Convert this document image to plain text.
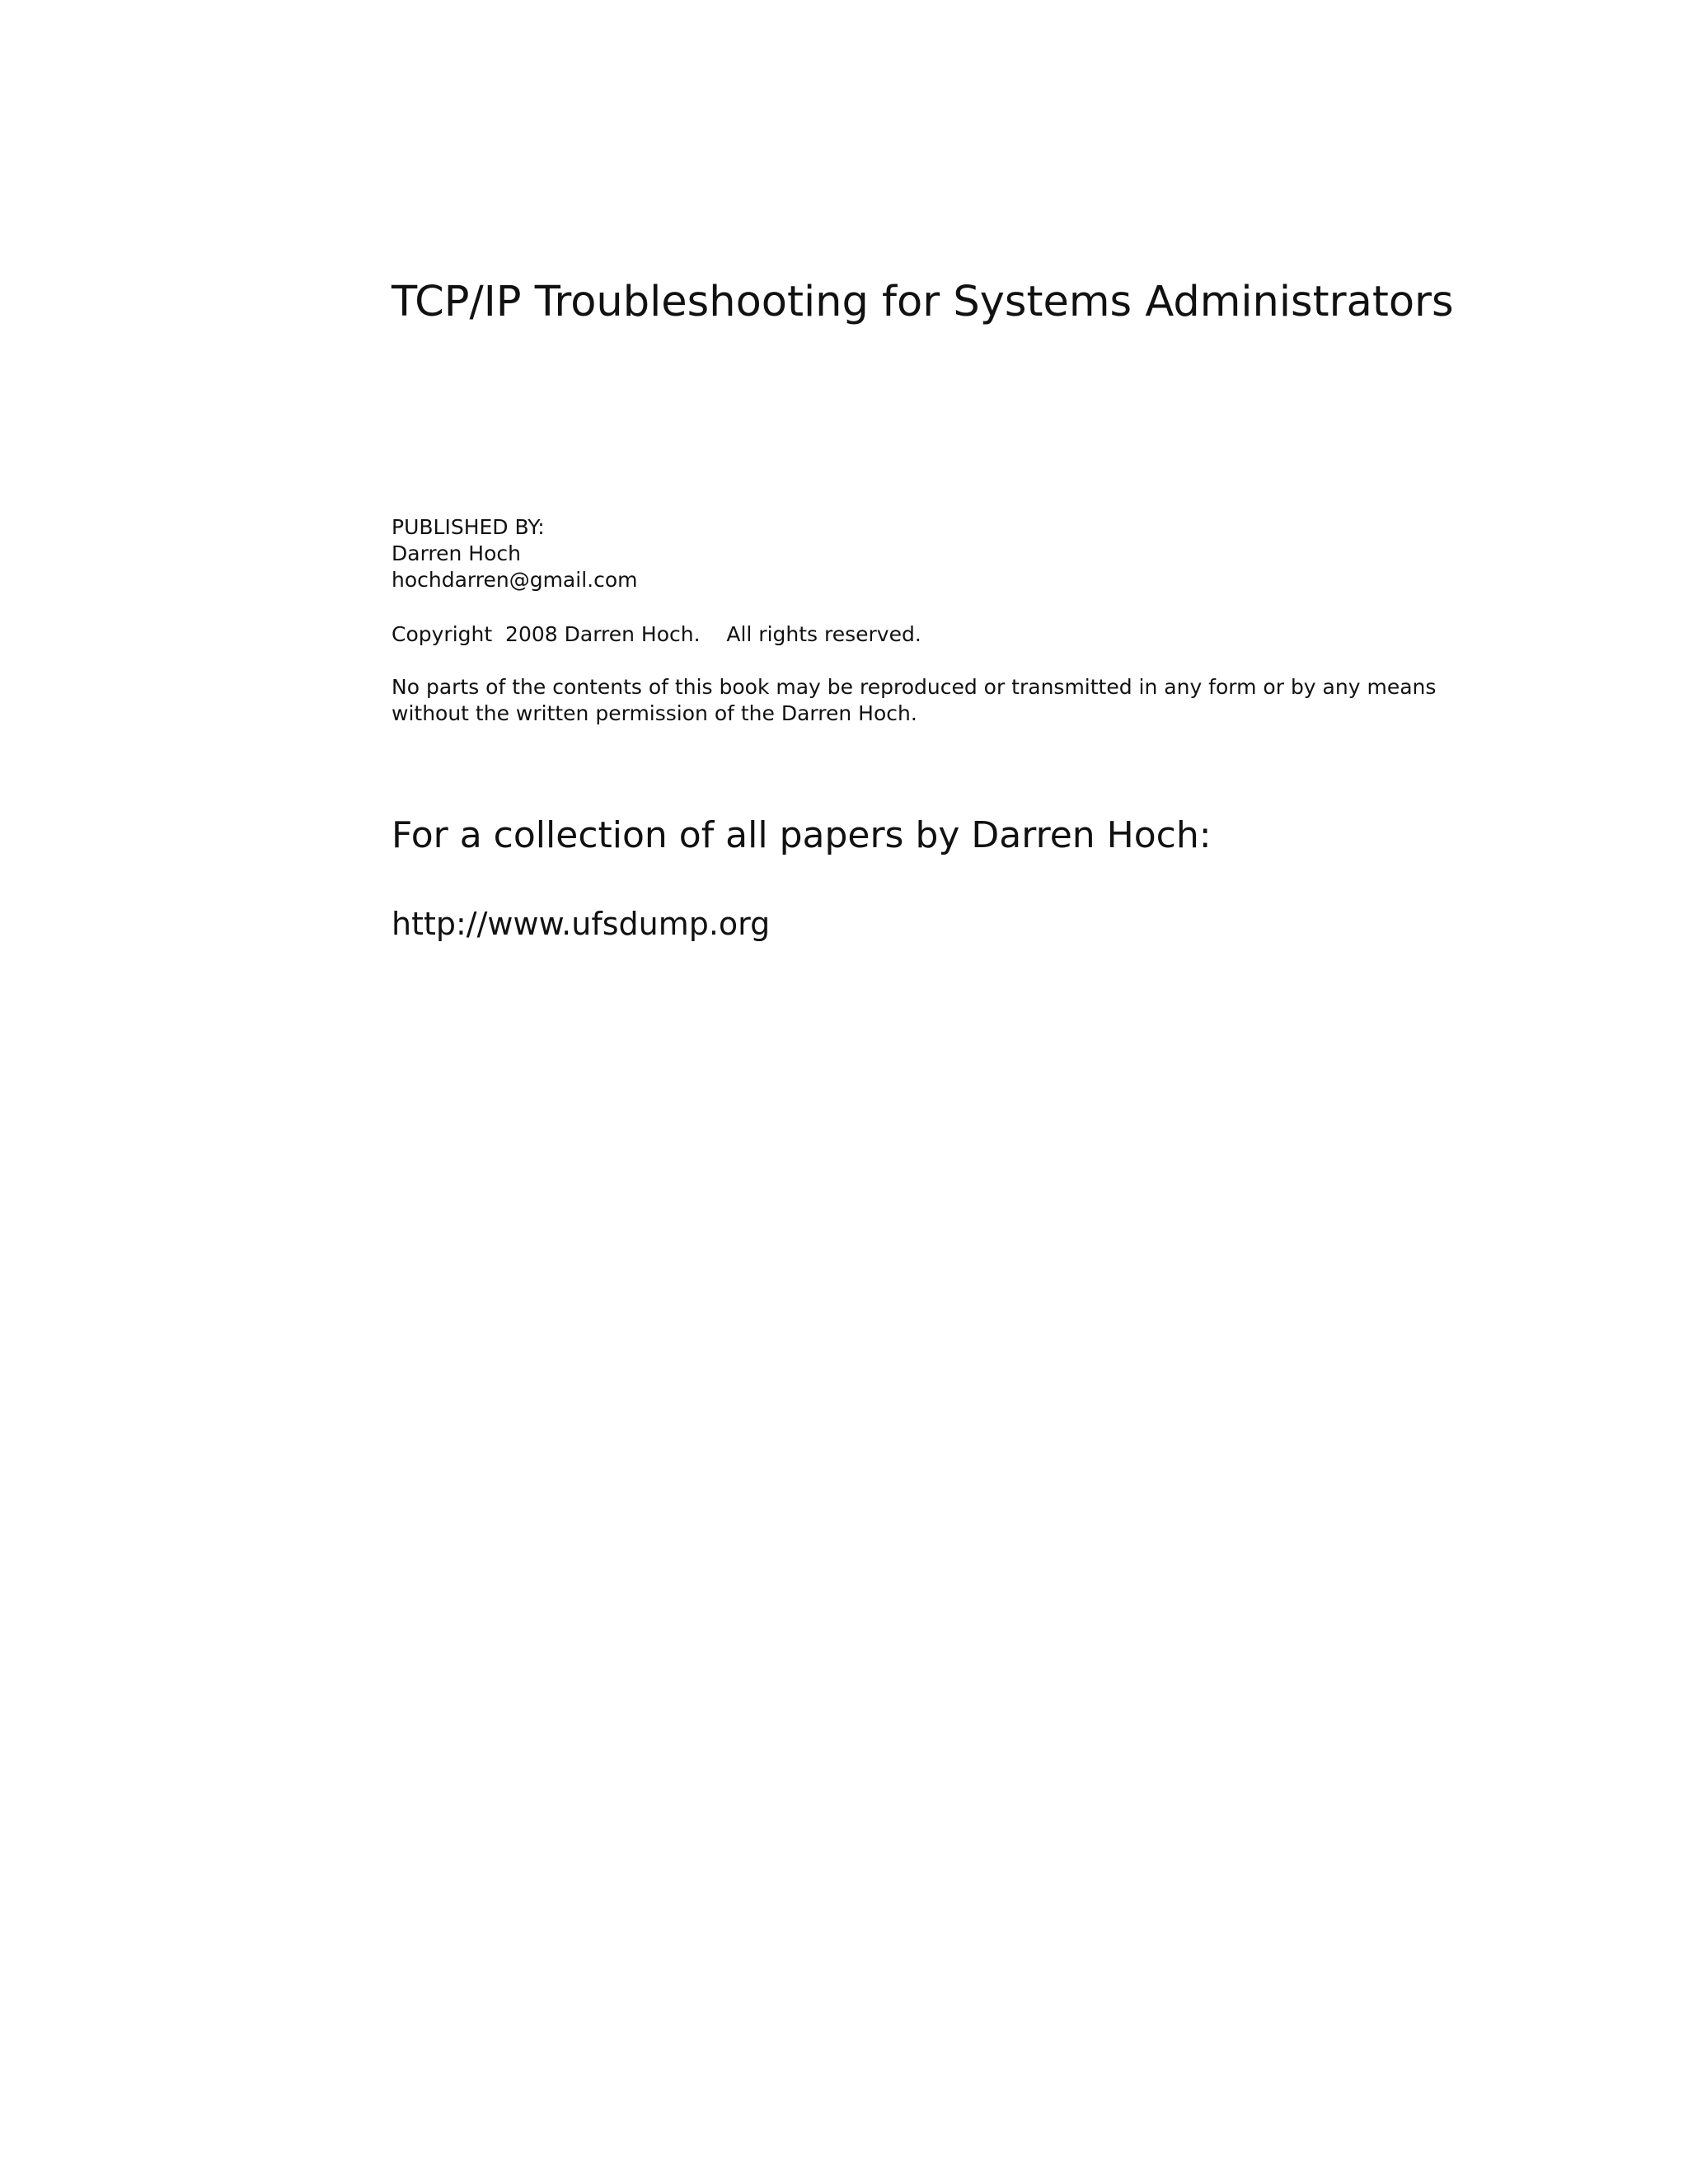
TCP/IP Troubleshooting for Systems Administrators
PUBLISHED BY:
Darren Hoch
hochdarren@gmail.com
Copyright  2008 Darren Hoch.    All rights reserved.
No parts of the contents of this book may be reproduced or transmitted in any form or by any means
without the written permission of the Darren Hoch.
For a collection of all papers by Darren Hoch:
http://www.ufsdump.org
